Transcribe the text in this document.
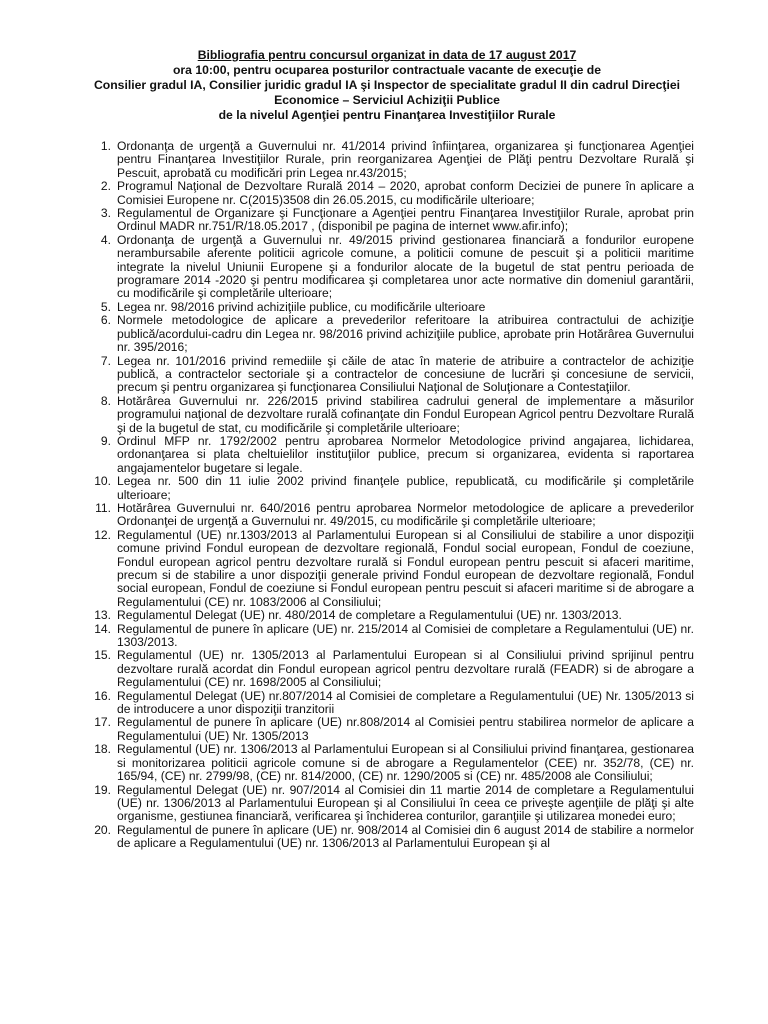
Bibliografia pentru concursul organizat in data de 17 august 2017
ora 10:00, pentru ocuparea posturilor contractuale vacante de execuţie de
Consilier gradul IA, Consilier juridic gradul IA şi Inspector de specialitate gradul II din cadrul Direcţiei
Economice – Serviciul Achiziţii Publice
de la nivelul Agenţiei pentru Finanţarea Investiţiilor Rurale
1. Ordonanţa de urgenţă a Guvernului nr. 41/2014 privind înfiinţarea, organizarea şi funcţionarea Agenţiei pentru Finanţarea Investiţiilor Rurale, prin reorganizarea Agenţiei de Plăţi pentru Dezvoltare Rurală şi Pescuit, aprobată cu modificări prin Legea nr.43/2015;
2. Programul Naţional de Dezvoltare Rurală 2014 – 2020, aprobat conform Deciziei de punere în aplicare a Comisiei Europene nr. C(2015)3508 din 26.05.2015, cu modificările ulterioare;
3. Regulamentul de Organizare şi Funcţionare a Agenţiei pentru Finanţarea Investiţiilor Rurale, aprobat prin Ordinul MADR nr.751/R/18.05.2017 , (disponibil pe pagina de internet www.afir.info);
4. Ordonanţa de urgenţă a Guvernului nr. 49/2015 privind gestionarea financiară a fondurilor europene nerambursabile aferente politicii agricole comune, a politicii comune de pescuit şi a politicii maritime integrate la nivelul Uniunii Europene şi a fondurilor alocate de la bugetul de stat pentru perioada de programare 2014 -2020 şi pentru modificarea şi completarea unor acte normative din domeniul garantării, cu modificările şi completările ulterioare;
5. Legea nr. 98/2016 privind achiziţiile publice, cu modificările ulterioare
6. Normele metodologice de aplicare a prevederilor referitoare la atribuirea contractului de achiziţie publică/acordului-cadru din Legea nr. 98/2016 privind achiziţiile publice, aprobate prin Hotărârea Guvernului nr. 395/2016;
7. Legea nr. 101/2016 privind remediile şi căile de atac în materie de atribuire a contractelor de achiziţie publică, a contractelor sectoriale şi a contractelor de concesiune de lucrări şi concesiune de servicii, precum şi pentru organizarea şi funcţionarea Consiliului Naţional de Soluţionare a Contestaţiilor.
8. Hotărârea Guvernului nr. 226/2015 privind stabilirea cadrului general de implementare a măsurilor programului naţional de dezvoltare rurală cofinanţate din Fondul European Agricol pentru Dezvoltare Rurală şi de la bugetul de stat, cu modificările şi completările ulterioare;
9. Ordinul MFP nr. 1792/2002 pentru aprobarea Normelor Metodologice privind angajarea, lichidarea, ordonanţarea si plata cheltuielilor instituţiilor publice, precum si organizarea, evidenta si raportarea angajamentelor bugetare si legale.
10. Legea nr. 500 din 11 iulie 2002 privind finanţele publice, republicată, cu modificările şi completările ulterioare;
11. Hotărârea Guvernului nr. 640/2016 pentru aprobarea Normelor metodologice de aplicare a prevederilor Ordonanţei de urgenţă a Guvernului nr. 49/2015, cu modificările şi completările ulterioare;
12. Regulamentul (UE) nr.1303/2013 al Parlamentului European si al Consiliului de stabilire a unor dispoziţii comune privind Fondul european de dezvoltare regională, Fondul social european, Fondul de coeziune, Fondul european agricol pentru dezvoltare rurală si Fondul european pentru pescuit si afaceri maritime, precum si de stabilire a unor dispoziţii generale privind Fondul european de dezvoltare regională, Fondul social european, Fondul de coeziune si Fondul european pentru pescuit si afaceri maritime si de abrogare a Regulamentului (CE) nr. 1083/2006 al Consiliului;
13. Regulamentul Delegat (UE) nr. 480/2014 de completare a Regulamentului (UE) nr. 1303/2013.
14. Regulamentul de punere în aplicare (UE) nr. 215/2014 al Comisiei de completare a Regulamentului (UE) nr. 1303/2013.
15. Regulamentul (UE) nr. 1305/2013 al Parlamentului European si al Consiliului privind sprijinul pentru dezvoltare rurală acordat din Fondul european agricol pentru dezvoltare rurală (FEADR) si de abrogare a Regulamentului (CE) nr. 1698/2005 al Consiliului;
16. Regulamentul Delegat (UE) nr.807/2014 al Comisiei de completare a Regulamentului (UE) Nr. 1305/2013 si de introducere a unor dispoziţii tranzitorii
17. Regulamentul de punere în aplicare (UE) nr.808/2014 al Comisiei pentru stabilirea normelor de aplicare a Regulamentului (UE) Nr. 1305/2013
18. Regulamentul (UE) nr. 1306/2013 al Parlamentului European si al Consiliului privind finanţarea, gestionarea si monitorizarea politicii agricole comune si de abrogare a Regulamentelor (CEE) nr. 352/78, (CE) nr. 165/94, (CE) nr. 2799/98, (CE) nr. 814/2000, (CE) nr. 1290/2005 si (CE) nr. 485/2008 ale Consiliului;
19. Regulamentul Delegat (UE) nr. 907/2014 al Comisiei din 11 martie 2014 de completare a Regulamentului (UE) nr. 1306/2013 al Parlamentului European şi al Consiliului în ceea ce priveşte agenţiile de plăţi şi alte organisme, gestiunea financiară, verificarea şi închiderea conturilor, garanţiile şi utilizarea monedei euro;
20. Regulamentul de punere în aplicare (UE) nr. 908/2014 al Comisiei din 6 august 2014 de stabilire a normelor de aplicare a Regulamentului (UE) nr. 1306/2013 al Parlamentului European şi al
